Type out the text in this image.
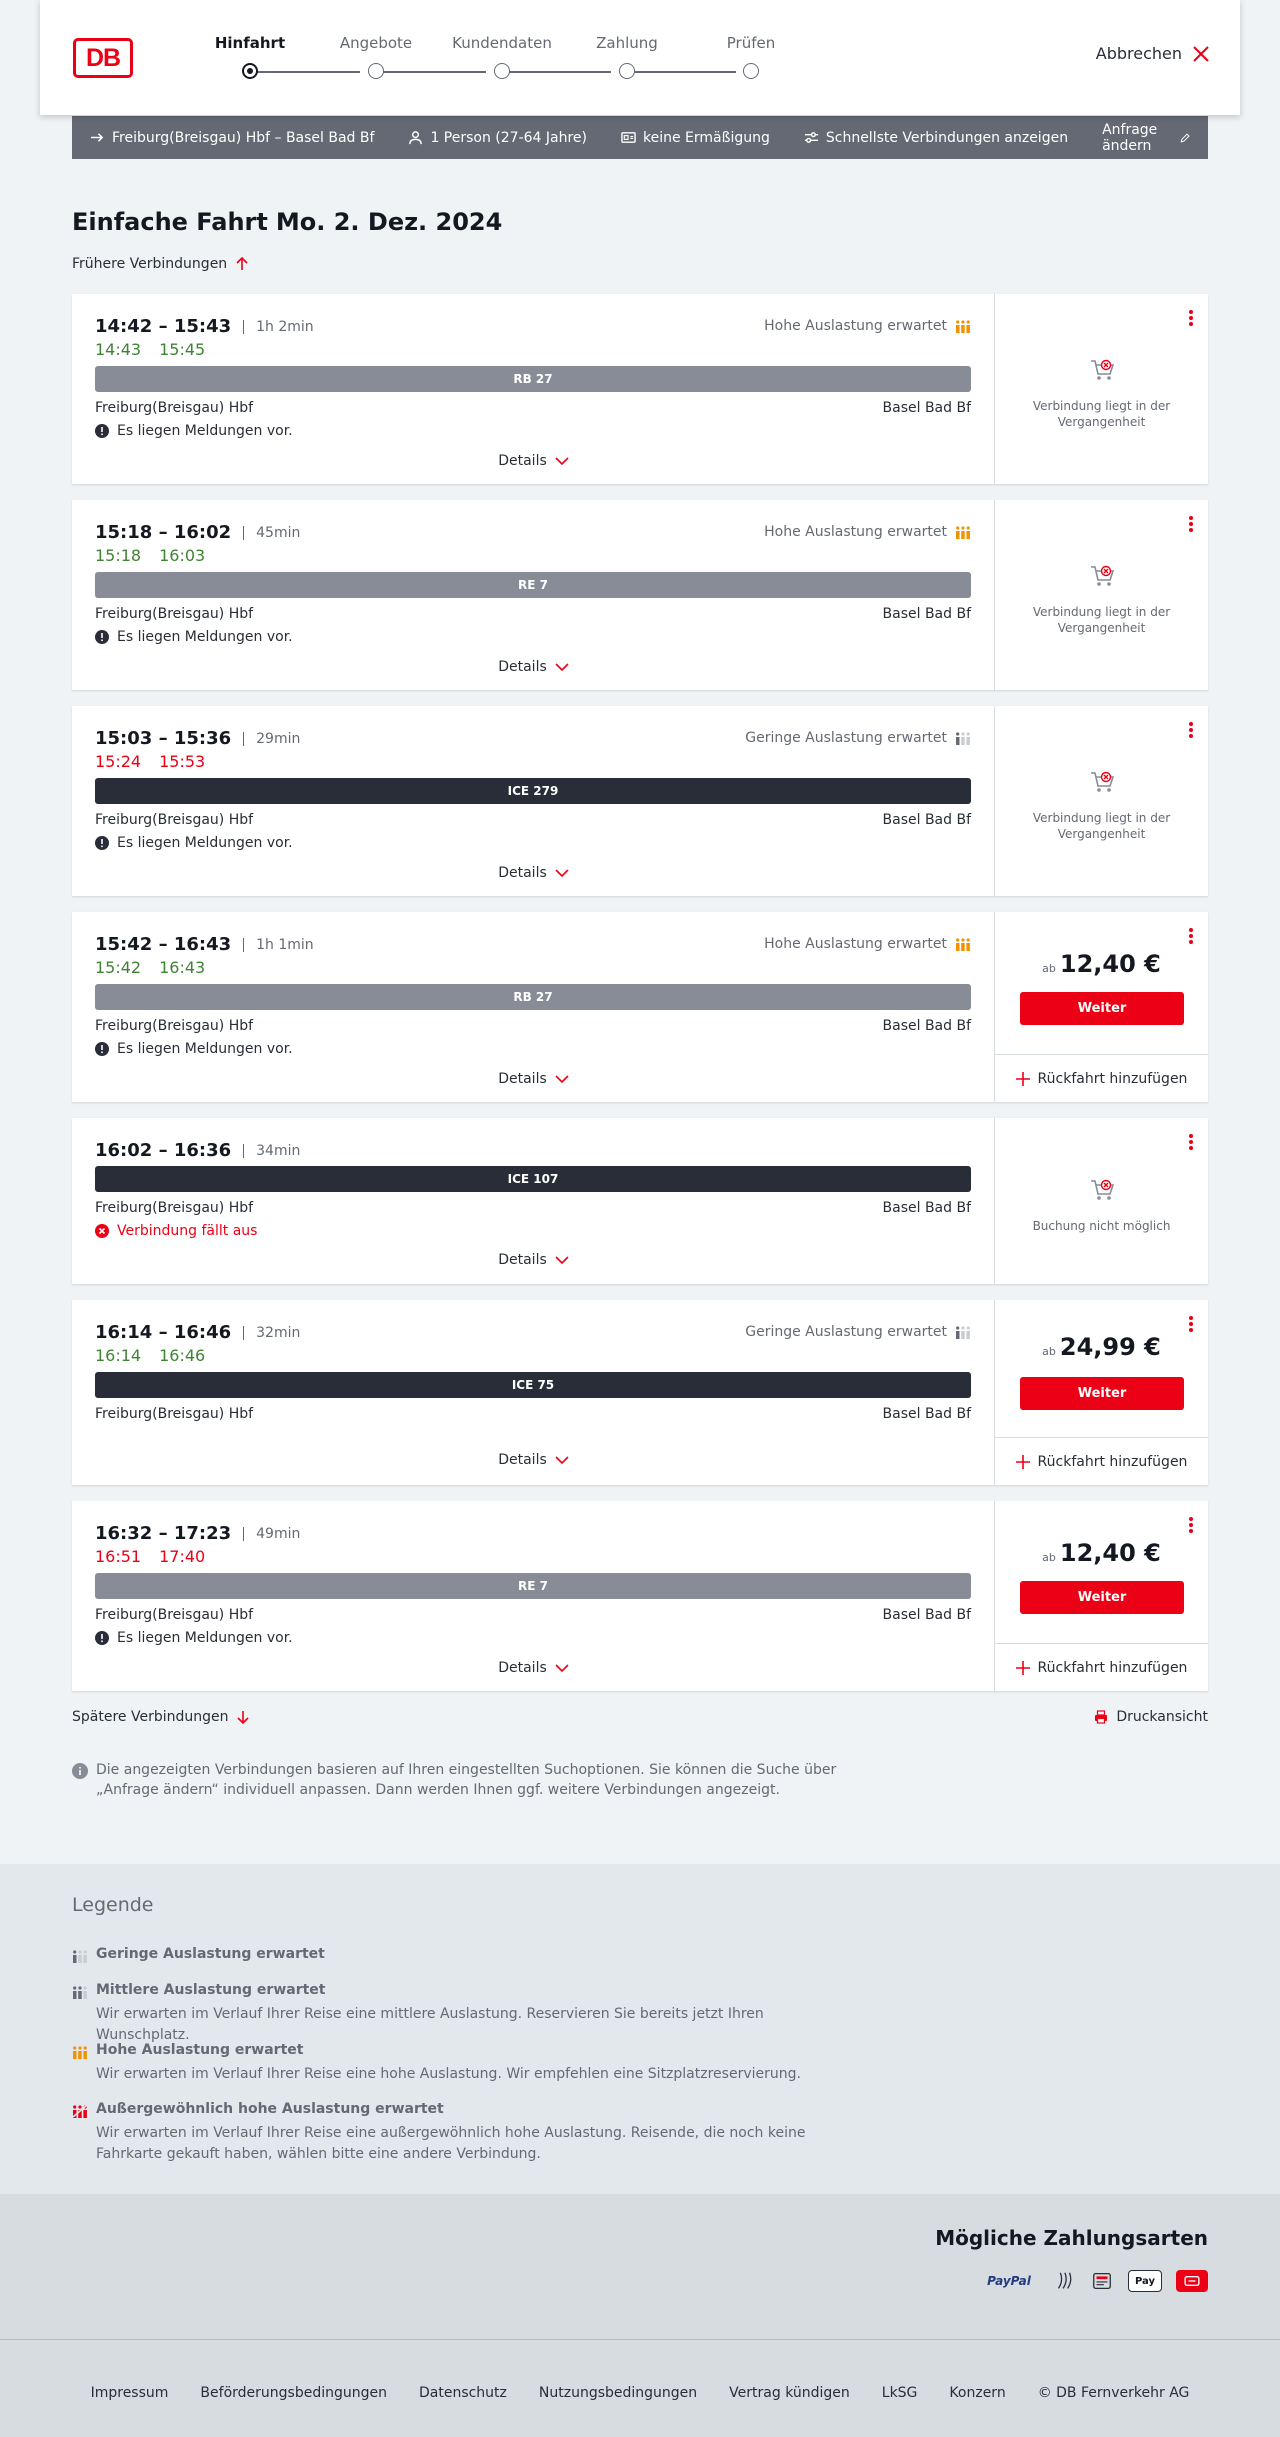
DB
Hinfahrt	Angebote	Kundendaten	Zahlung	Prüfen
Abbrechen
Freiburg(Breisgau) Hbf – Basel Bad Bf	1 Person (27-64 Jahre)	keine Ermäßigung	Schnellste Verbindungen anzeigen Anfrage ändern
Einfache Fahrt Mo. 2. Dez. 2024
Frühere Verbindungen
14:42 – 15:43	1h 2min
14:43 15:45
Hohe Auslastung erwartet
RB 27
Freiburg(Breisgau) Hbf	Basel Bad Bf
Es liegen Meldungen vor.
Details
Verbindung liegt in der Vergangenheit
15:18 – 16:02	45min
15:18 16:03
Hohe Auslastung erwartet
RE 7
Freiburg(Breisgau) Hbf	Basel Bad Bf
Es liegen Meldungen vor.
Details
Verbindung liegt in der Vergangenheit
15:03 – 15:36	29min
15:24 15:53
Geringe Auslastung erwartet
ICE 279
Freiburg(Breisgau) Hbf	Basel Bad Bf
Es liegen Meldungen vor.
Details
Verbindung liegt in der Vergangenheit
15:42 – 16:43	1h 1min
15:42 16:43
Hohe Auslastung erwartet
RB 27
Freiburg(Breisgau) Hbf	Basel Bad Bf
Es liegen Meldungen vor.
Details
ab 12,40 €
Weiter
Rückfahrt hinzufügen
16:02 – 16:36	34min
ICE 107
Freiburg(Breisgau) Hbf	Basel Bad Bf
Verbindung fällt aus
Details
Buchung nicht möglich
16:14 – 16:46	32min
16:14 16:46
Geringe Auslastung erwartet
ICE 75
Freiburg(Breisgau) Hbf	Basel Bad Bf
Details
ab 24,99 €
Weiter
Rückfahrt hinzufügen
16:32 – 17:23	49min
16:51 17:40
RE 7
Freiburg(Breisgau) Hbf	Basel Bad Bf
Es liegen Meldungen vor.
Details
ab 12,40 €
Weiter
Rückfahrt hinzufügen
Spätere Verbindungen	Druckansicht
Die angezeigten Verbindungen basieren auf Ihren eingestellten Suchoptionen. Sie können die Suche über „Anfrage ändern“ individuell anpassen. Dann werden Ihnen ggf. weitere Verbindungen angezeigt.
Legende
Geringe Auslastung erwartet
Mittlere Auslastung erwartet
Wir erwarten im Verlauf Ihrer Reise eine mittlere Auslastung. Reservieren Sie bereits jetzt Ihren Wunschplatz.
Hohe Auslastung erwartet
Wir erwarten im Verlauf Ihrer Reise eine hohe Auslastung. Wir empfehlen eine Sitzplatzreservierung.
Außergewöhnlich hohe Auslastung erwartet
Wir erwarten im Verlauf Ihrer Reise eine außergewöhnlich hohe Auslastung. Reisende, die noch keine Fahrkarte gekauft haben, wählen bitte eine andere Verbindung.
Mögliche Zahlungsarten
PayPal	Pay
Impressum Beförderungsbedingungen Datenschutz Nutzungsbedingungen Vertrag kündigen LkSG Konzern © DB Fernverkehr AG
